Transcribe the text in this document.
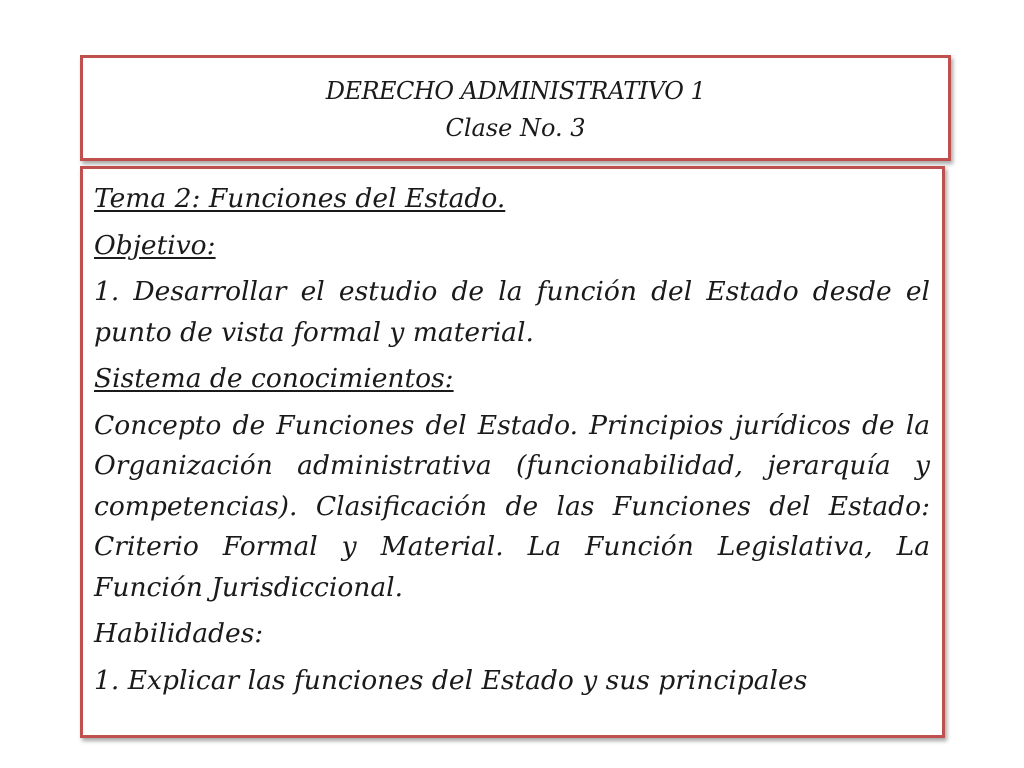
DERECHO ADMINISTRATIVO 1
Clase No. 3

Tema 2: Funciones del Estado.

Objetivo:

1. Desarrollar el estudio de la función del Estado desde el punto de vista formal y material.

Sistema de conocimientos:

Concepto de Funciones del Estado. Principios jurídicos de la Organización administrativa (funcionabilidad, jerarquía y competencias). Clasificación de las Funciones del Estado: Criterio Formal y Material. La Función Legislativa, La Función Jurisdiccional.

Habilidades:

1. Explicar las funciones del Estado y sus principales
